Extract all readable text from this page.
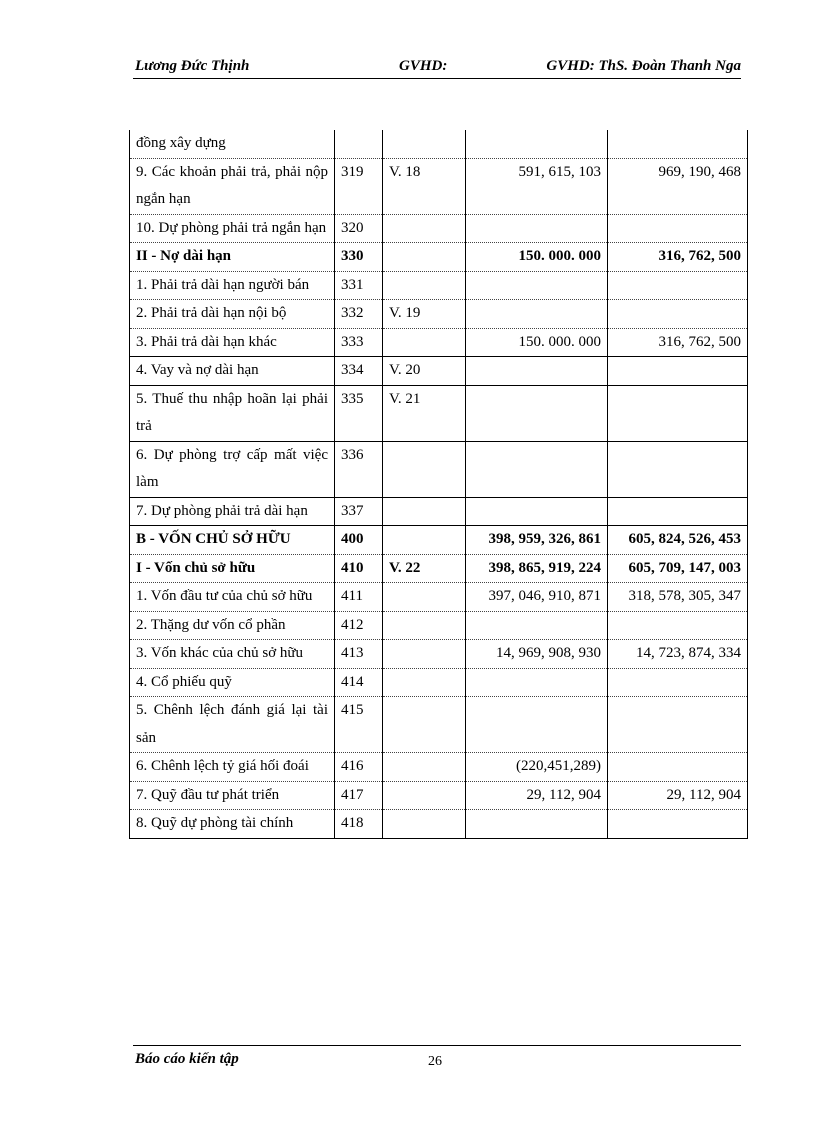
Lương Đức Thịnh	GVHD:	GVHD: ThS. Đoàn Thanh Nga
đồng xây dựng				
9. Các khoản phải trả, phải nộp ngắn hạn	319	V. 18	591, 615, 103	969, 190, 468
10. Dự phòng phải trả ngắn hạn	320			
II - Nợ dài hạn	330		150. 000. 000	316, 762, 500
1. Phải trả dài hạn người bán	331			
2. Phải trả dài hạn nội bộ	332	V. 19		
3. Phải trả dài hạn khác	333		150. 000. 000	316, 762, 500
4. Vay và nợ dài hạn	334	V. 20		
5. Thuế thu nhập hoãn lại phải trả	335	V. 21		
6. Dự phòng trợ cấp mất việc làm	336			
7. Dự phòng phải trả dài hạn	337			
B - VỐN CHỦ SỞ HỮU	400		398, 959, 326, 861	605, 824, 526, 453
I - Vốn chủ sở hữu	410	V. 22	398, 865, 919, 224	605, 709, 147, 003
1. Vốn đầu tư của chủ sở hữu	411		397, 046, 910, 871	318, 578, 305, 347
2. Thặng dư vốn cổ phần	412			
3. Vốn khác của chủ sở hữu	413		14, 969, 908, 930	14, 723, 874, 334
4. Cổ phiếu quỹ	414			
5. Chênh lệch đánh giá lại tài sản	415			
6. Chênh lệch tỷ giá hối đoái	416		(220,451,289)	
7. Quỹ đầu tư phát triển	417		29, 112, 904	29, 112, 904
8. Quỹ dự phòng tài chính	418			
Báo cáo kiến tập	26
